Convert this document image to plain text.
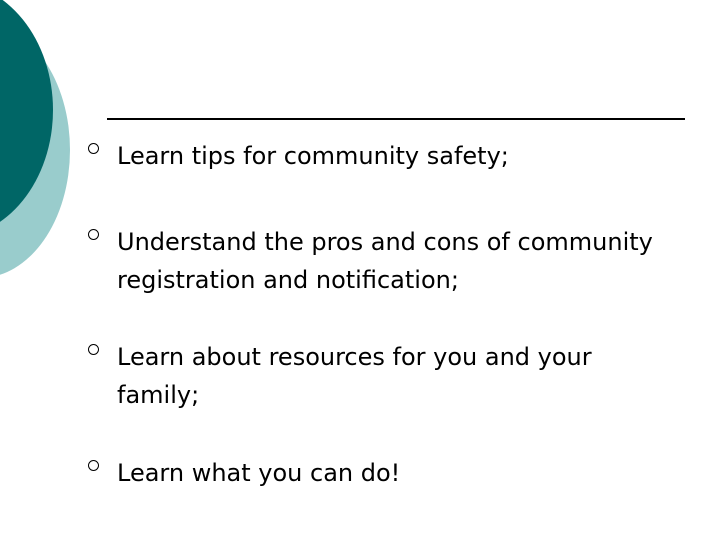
Learn tips for community safety;
Understand the pros and cons of community
registration and notification;
Learn about resources for you and your
family;
Learn what you can do!
